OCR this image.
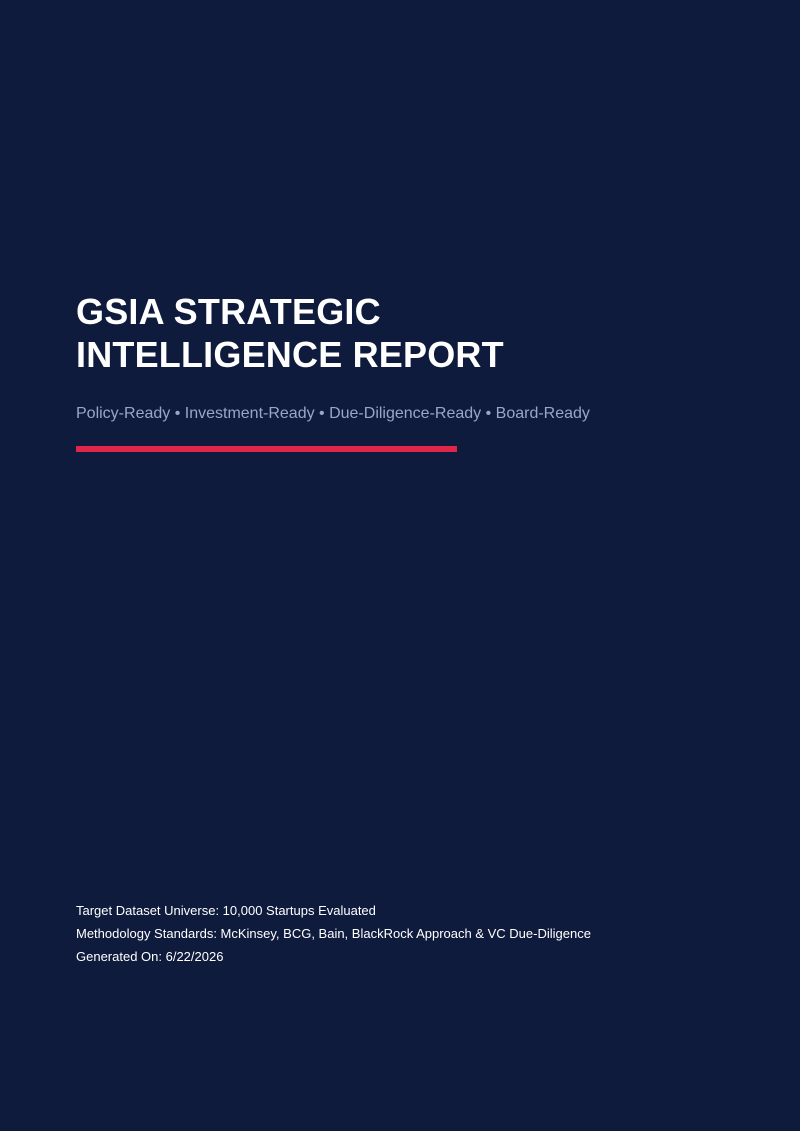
GSIA STRATEGIC
INTELLIGENCE REPORT
Policy-Ready • Investment-Ready • Due-Diligence-Ready • Board-Ready
Target Dataset Universe: 10,000 Startups Evaluated
Methodology Standards: McKinsey, BCG, Bain, BlackRock Approach & VC Due-Diligence
Generated On: 6/22/2026
